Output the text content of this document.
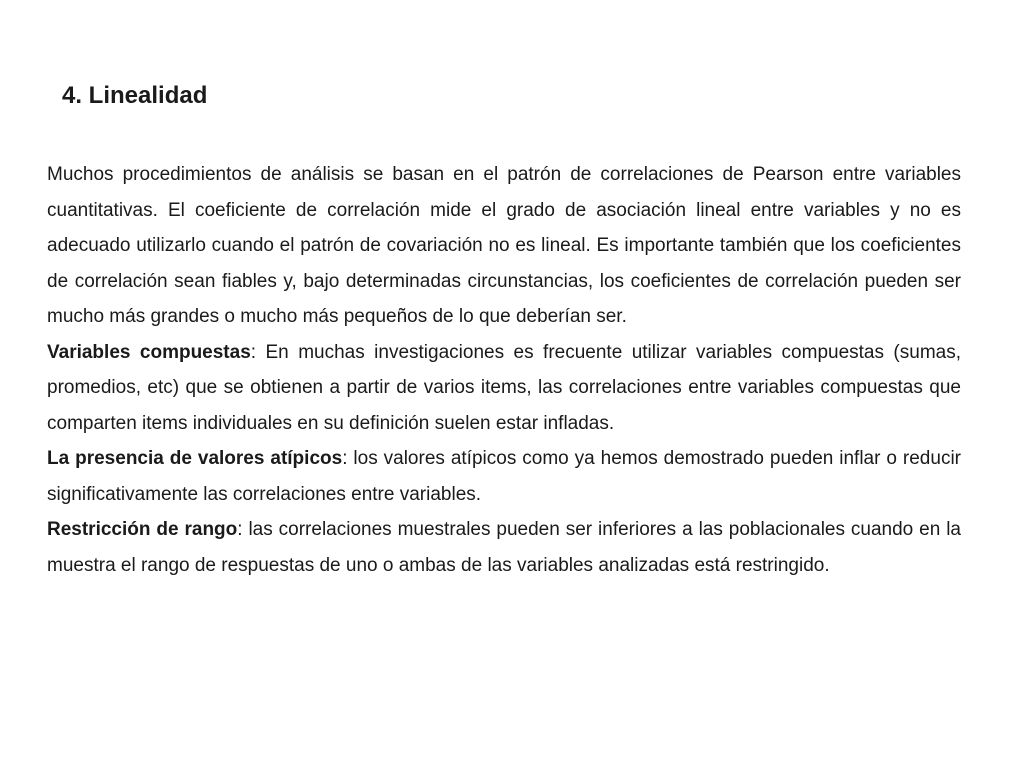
4. Linealidad

Muchos procedimientos de análisis se basan en el patrón de correlaciones de Pearson entre variables cuantitativas. El coeficiente de correlación mide el grado de asociación lineal entre variables y no es adecuado utilizarlo cuando el patrón de covariación no es lineal. Es importante también que los coeficientes de correlación sean fiables y, bajo determinadas circunstancias, los coeficientes de correlación pueden ser mucho más grandes o mucho más pequeños de lo que deberían ser.

Variables compuestas: En muchas investigaciones es frecuente utilizar variables compuestas (sumas, promedios, etc) que se obtienen a partir de varios items, las correlaciones entre variables compuestas que comparten items individuales en su definición suelen estar infladas.

La presencia de valores atípicos: los valores atípicos como ya hemos demostrado pueden inflar o reducir significativamente las correlaciones entre variables.

Restricción de rango: las correlaciones muestrales pueden ser inferiores a las poblacionales cuando en la muestra el rango de respuestas de uno o ambas de las variables analizadas está restringido.
